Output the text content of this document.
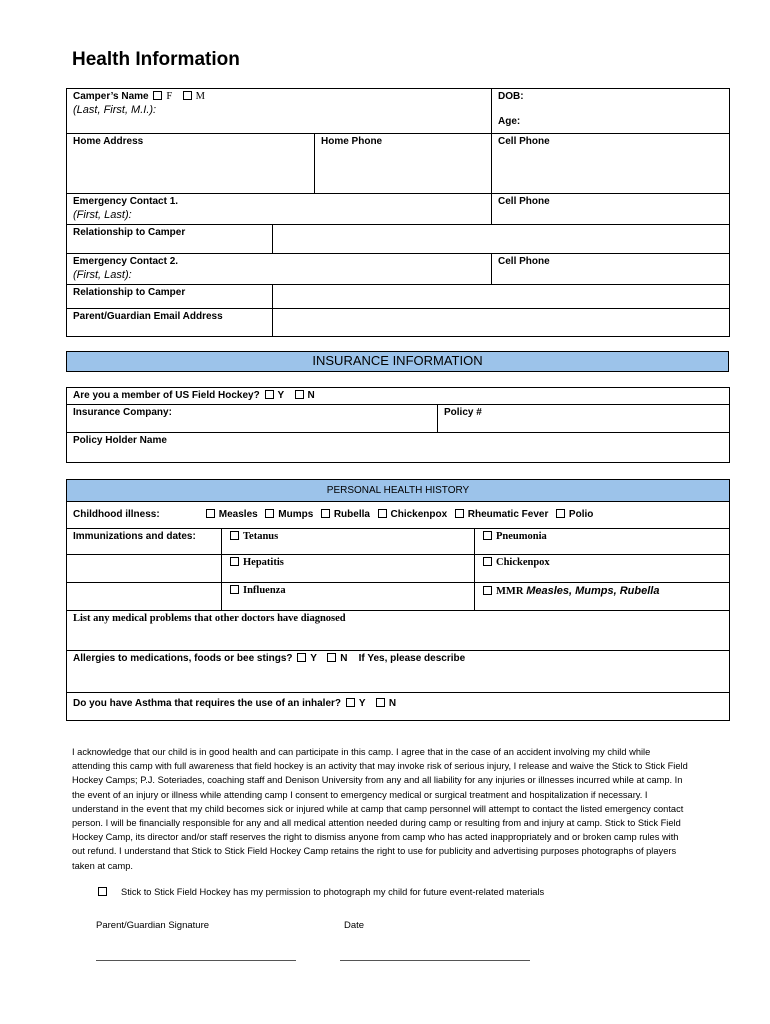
Health Information
Camper’s Name F M
(Last, First, M.I.):			DOB:

Age:
Home Address		Home Phone	Cell Phone
Emergency Contact 1.
(First, Last):			Cell Phone
Relationship to Camper			
Emergency Contact 2.
(First, Last):			Cell Phone
Relationship to Camper			
Parent/Guardian Email Address			
INSURANCE INFORMATION
Are you a member of US Field Hockey? Y N
Insurance Company:	Policy #
Policy Holder Name
PERSONAL HEALTH HISTORY		
Childhood illness: Measles Mumps Rubella Chickenpox Rheumatic Fever Polio		
Immunizations and dates:	Tetanus	Pneumonia
	Hepatitis	Chickenpox
	Influenza	MMR Measles, Mumps, Rubella
List any medical problems that other doctors have diagnosed		
Allergies to medications, foods or bee stings? Y N If Yes, please describe		
Do you have Asthma that requires the use of an inhaler? Y N		
I acknowledge that our child is in good health and can participate in this camp. I agree that in the case of an accident involving my child while attending this camp with full awareness that field hockey is an activity that may invoke risk of serious injury, I release and waive the Stick to Stick Field Hockey Camps; P.J. Soteriades, coaching staff and Denison University from any and all liability for any injuries or illnesses incurred while at camp. In the event of an injury or illness while attending camp I consent to emergency medical or surgical treatment and hospitalization if necessary. I understand in the event that my child becomes sick or injured while at camp that camp personnel will attempt to contact the listed emergency contact person. I will be financially responsible for any and all medical attention needed during camp or resulting from and injury at camp. Stick to Stick Field Hockey Camp, its director and/or staff reserves the right to dismiss anyone from camp who has acted inappropriately and or broken camp rules with out refund. I understand that Stick to Stick Field Hockey Camp retains the right to use for publicity and advertising purposes photographs of players taken at camp.
Stick to Stick Field Hockey has my permission to photograph my child for future event-related materials
Parent/Guardian Signature	Date
